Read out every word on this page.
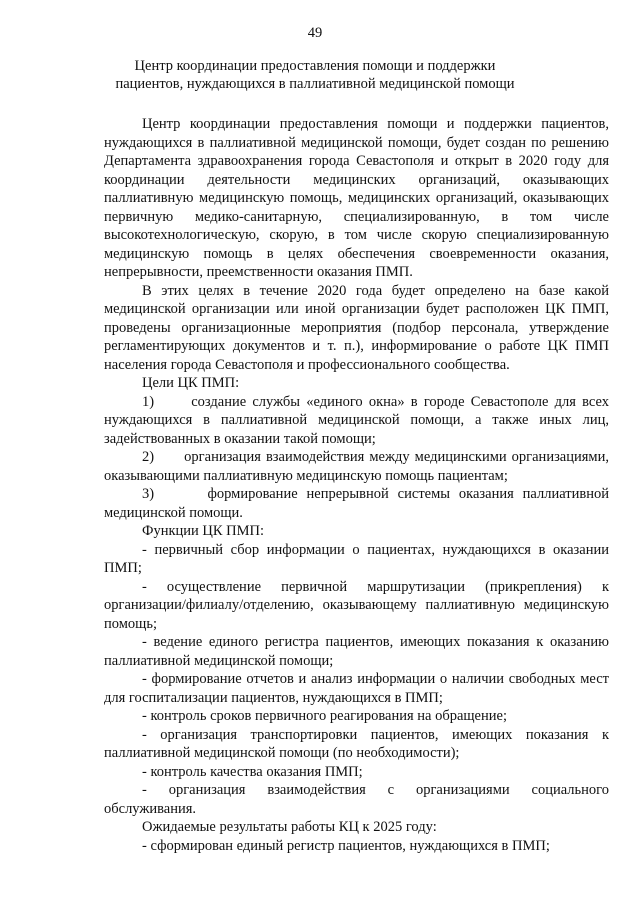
49
Центр координации предоставления помощи и поддержки пациентов, нуждающихся в паллиативной медицинской помощи

Центр координации предоставления помощи и поддержки пациентов, нуждающихся в паллиативной медицинской помощи, будет создан по решению Департамента здравоохранения города Севастополя и открыт в 2020 году для координации деятельности медицинских организаций, оказывающих паллиативную медицинскую помощь, медицинских организаций, оказывающих первичную медико-санитарную, специализированную, в том числе высокотехнологическую, скорую, в том числе скорую специализированную медицинскую помощь в целях обеспечения своевременности оказания, непрерывности, преемственности оказания ПМП.

В этих целях в течение 2020 года будет определено на базе какой медицинской организации или иной организации будет расположен ЦК ПМП, проведены организационные мероприятия (подбор персонала, утверждение регламентирующих документов и т. п.), информирование о работе ЦК ПМП населения города Севастополя и профессионального сообщества.

Цели ЦК ПМП:

1)      создание службы «единого окна» в городе Севастополе для всех нуждающихся в паллиативной медицинской помощи, а также иных лиц, задействованных в оказании такой помощи;

2)      организация взаимодействия между медицинскими организациями, оказывающими паллиативную медицинскую помощь пациентам;

3)      формирование непрерывной системы оказания паллиативной медицинской помощи.

Функции ЦК ПМП:

- первичный сбор информации о пациентах, нуждающихся в оказании ПМП;

- осуществление первичной маршрутизации (прикрепления) к организации/филиалу/отделению, оказывающему паллиативную медицинскую помощь;

- ведение единого регистра пациентов, имеющих показания к оказанию паллиативной медицинской помощи;

- формирование отчетов и анализ информации о наличии свободных мест для госпитализации пациентов, нуждающихся в ПМП;

- контроль сроков первичного реагирования на обращение;

- организация транспортировки пациентов, имеющих показания к паллиативной медицинской помощи (по необходимости);

- контроль качества оказания ПМП;

- организация взаимодействия с организациями социального обслуживания.

Ожидаемые результаты работы КЦ к 2025 году:

- сформирован единый регистр пациентов, нуждающихся в ПМП;
